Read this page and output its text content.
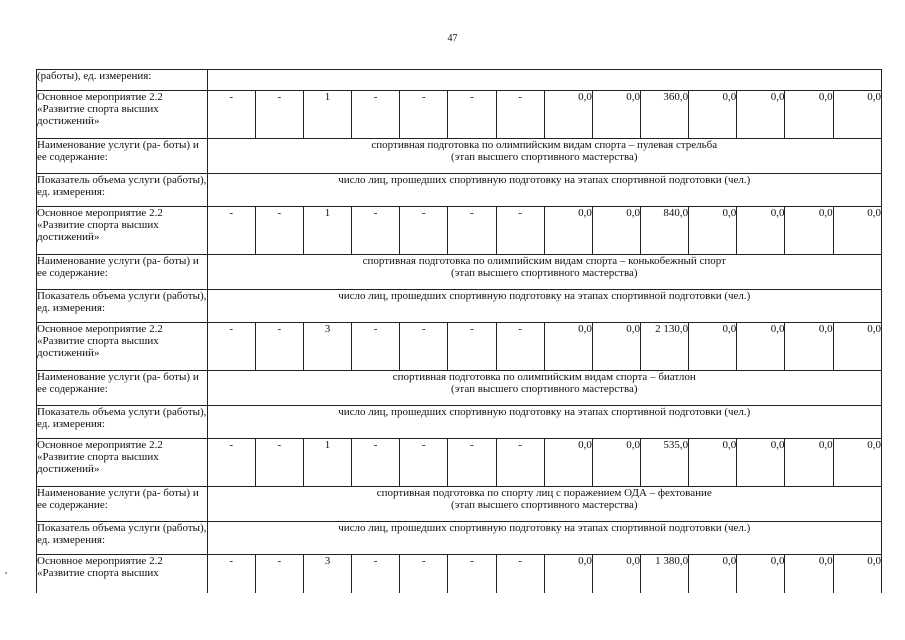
47
(работы), ед. измерения:														
Основное мероприятие 2.2 «Развитие спорта высших достижений»	-	-	1	-	-	-	-	0,0	0,0	360,0	0,0	0,0	0,0	0,0
Наименование услуги (ра- боты) и ее содержание:	спортивная подготовка по олимпийским видам спорта – пулевая стрельба
(этап высшего спортивного мастерства)													

Показатель объема услуги (работы), ед. измерения:	число лиц, прошедших спортивную подготовку на этапах спортивной подготовки (чел.)													
Основное мероприятие 2.2 «Развитие спорта высших достижений»	-	-	1	-	-	-	-	0,0	0,0	840,0	0,0	0,0	0,0	0,0
Наименование услуги (ра- боты) и ее содержание:	спортивная подготовка по олимпийским видам спорта – конькобежный спорт
(этап высшего спортивного мастерства)													

Показатель объема услуги (работы), ед. измерения:	число лиц, прошедших спортивную подготовку на этапах спортивной подготовки (чел.)													
Основное мероприятие 2.2 «Развитие спорта высших достижений»	-	-	3	-	-	-	-	0,0	0,0	2 130,0	0,0	0,0	0,0	0,0
Наименование услуги (ра- боты) и ее содержание:	спортивная подготовка по олимпийским видам спорта – биатлон
(этап высшего спортивного мастерства)													

Показатель объема услуги (работы), ед. измерения:	число лиц, прошедших спортивную подготовку на этапах спортивной подготовки (чел.)													
Основное мероприятие 2.2 «Развитие спорта высших достижений»	-	-	1	-	-	-	-	0,0	0,0	535,0	0,0	0,0	0,0	0,0
Наименование услуги (ра- боты) и ее содержание:	спортивная подготовка по спорту лиц с поражением ОДА – фехтование
(этап высшего спортивного мастерства)													

Показатель объема услуги (работы), ед. измерения:	число лиц, прошедших спортивную подготовку на этапах спортивной подготовки (чел.)													
Основное мероприятие 2.2 «Развитие спорта высших	-	-	3	-	-	-	-	0,0	0,0	1 380,0	0,0	0,0	0,0	0,0
